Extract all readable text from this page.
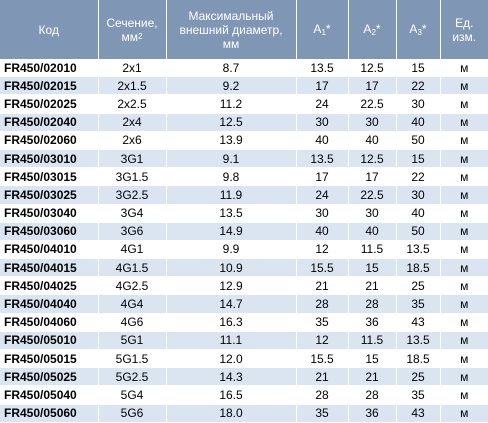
Код	Сечение, $мм^2$	Максимальный
внешний диаметр,
мм	A1*	A2*	A3*	Ед.
изм.
FR450/02010	2x1	8.7	13.5	12.5	15	м
FR450/02015	2x1.5	9.2	17	17	22	м
FR450/02025	2x2.5	11.2	24	22.5	30	м
FR450/02040	2x4	12.5	30	30	40	м
FR450/02060	2x6	13.9	40	40	50	м
FR450/03010	3G1	9.1	13.5	12.5	15	м
FR450/03015	3G1.5	9.8	17	17	22	м
FR450/03025	3G2.5	11.9	24	22.5	30	м
FR450/03040	3G4	13.5	30	30	40	м
FR450/03060	3G6	14.9	40	40	50	м
FR450/04010	4G1	9.9	12	11.5	13.5	м
FR450/04015	4G1.5	10.9	15.5	15	18.5	м
FR450/04025	4G2.5	12.9	21	21	25	м
FR450/04040	4G4	14.7	28	28	35	м
FR450/04060	4G6	16.3	35	36	43	м
FR450/05010	5G1	11.1	12	11.5	13.5	м
FR450/05015	5G1.5	12.0	15.5	15	18.5	м
FR450/05025	5G2.5	14.3	21	21	25	м
FR450/05040	5G4	16.5	28	28	35	м
FR450/05060	5G6	18.0	35	36	43	м
